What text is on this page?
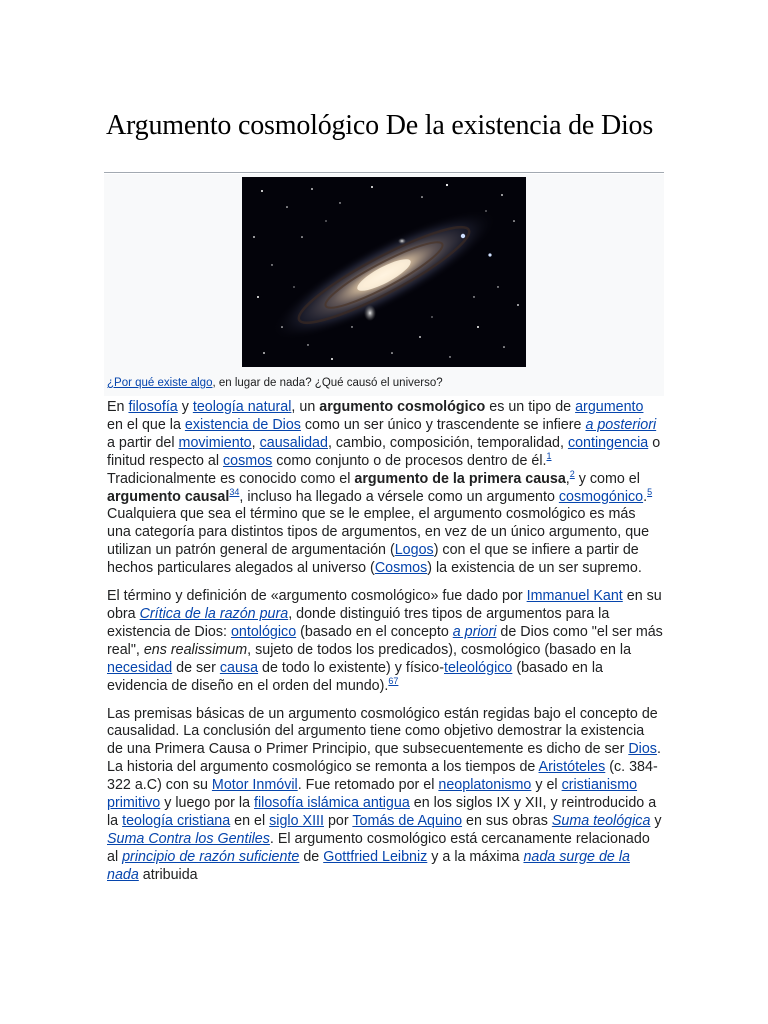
Argumento cosmológico De la existencia de Dios
¿Por qué existe algo, en lugar de nada? ¿Qué causó el universo?

En filosofía y teología natural, un argumento cosmológico es un tipo de argumento en el que la existencia de Dios como un ser único y trascendente se infiere a posteriori a partir del movimiento, causalidad, cambio, composición, temporalidad, contingencia o finitud respecto al cosmos como conjunto o de procesos dentro de él.$^1$ Tradicionalmente es conocido como el argumento de la primera causa,$^2$ y como el argumento causal$^{34}$, incluso ha llegado a vérsele como un argumento cosmogónico.$^5$ Cualquiera que sea el término que se le emplee, el argumento cosmológico es más una categoría para distintos tipos de argumentos, en vez de un único argumento, que utilizan un patrón general de argumentación (Logos) con el que se infiere a partir de hechos particulares alegados al universo (Cosmos) la existencia de un ser supremo.

El término y definición de «argumento cosmológico» fue dado por Immanuel Kant en su obra Crítica de la razón pura, donde distinguió tres tipos de argumentos para la existencia de Dios: ontológico (basado en el concepto a priori de Dios como "el ser más real", ens realissimum, sujeto de todos los predicados), cosmológico (basado en la necesidad de ser causa de todo lo existente) y físico-teleológico (basado en la evidencia de diseño en el orden del mundo).$^{67}$

Las premisas básicas de un argumento cosmológico están regidas bajo el concepto de causalidad. La conclusión del argumento tiene como objetivo demostrar la existencia de una Primera Causa o Primer Principio, que subsecuentemente es dicho de ser Dios. La historia del argumento cosmológico se remonta a los tiempos de Aristóteles (c. 384-322 a.C) con su Motor Inmóvil. Fue retomado por el neoplatonismo y el cristianismo primitivo y luego por la filosofía islámica antigua en los siglos IX y XII, y reintroducido a la teología cristiana en el siglo XIII por Tomás de Aquino en sus obras Suma teológica y Suma Contra los Gentiles. El argumento cosmológico está cercanamente relacionado al principio de razón suficiente de Gottfried Leibniz y a la máxima nada surge de la nada atribuida
